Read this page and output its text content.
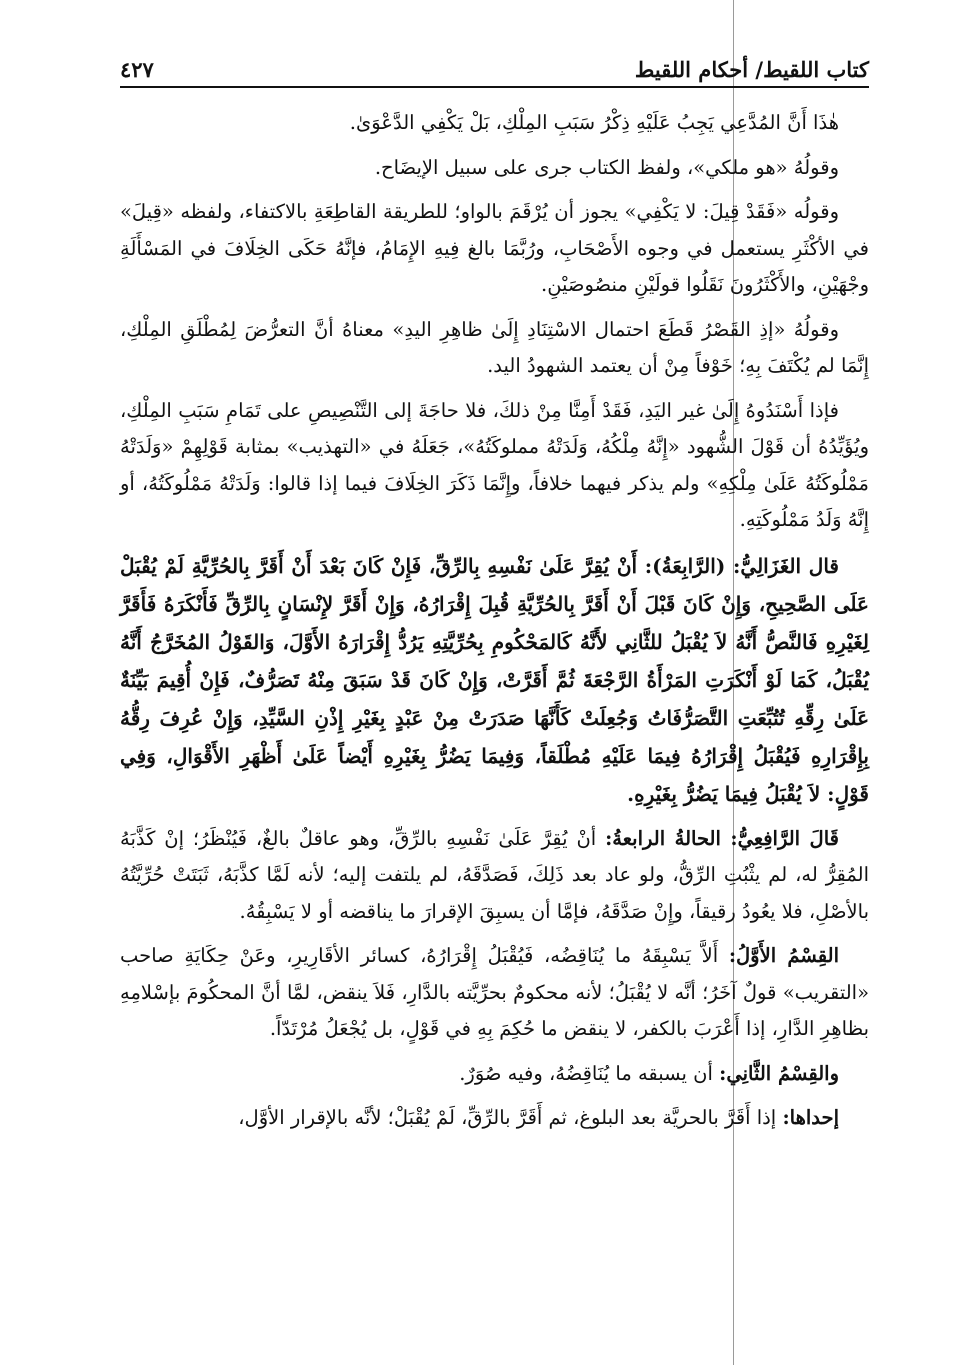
كتاب اللقيط/ أحكام اللقيط
٤٢٧

هٰذَا أَنَّ المُدَّعِي يَجِبُ عَلَيْهِ ذِكْرُ سَبَبِ المِلْكِ، بَلْ يَكْفِي الدَّعْوَىٰ.

وقولُهُ «هو ملكي»، ولفظ الكتاب جرى على سبيل الإيضَاح.

وقولُه «فَقَدْ قِيلَ: لا يَكْفِي» يجوز أن يُرْقَمَ بالواو؛ للطريقة القاطِعَةِ بالاكتفاء، ولفظه «قِيلَ» في الأكْثَرِ يستعمل في وجوه الأَصْحَابِ، ورُبَّمَا بالغ فِيهِ الإِمَامُ، فإنَّهُ حَكَى الخِلَافَ في المَسْأَلَةِ وجْهَيْنِ، والأَكْثَرُونَ نَقَلُوا قولَيْنِ منصُوصَيْنِ.

وقولُهُ «إذِ القَصْرُ قَطَعَ احتمال الاسْتِنَادِ إِلَىٰ ظاهِرِ اليدِ» معناهُ أنَّ التعرُّضَ لِمُطْلَقِ المِلْكِ، إِنَّمَا لم يُكْتَفَ بِهِ؛ خَوْفاً مِنْ أن يعتمد الشهودُ اليد.

فإذا أَسْنَدُوهُ إِلَىٰ غير اليَدِ، فَقَدْ أَمِنَّا مِنْ ذلكَ، فلا حاجَةَ إلى التَّنْصِيصِ على تَمَامِ سَبَبِ المِلْكِ، ويُؤَيِّدُهُ أن قَوْلَ الشُّهود «إِنَّهُ مِلْكُهُ، وَلَدَتْهُ مملوكَتُهُ»، جَعَلَهُ في «التهذيب» بمثابة قَوْلِهِمْ «وَلَدَتْهُ مَمْلُوكَتُهُ عَلَىٰ مِلْكِهِ» ولم يذكر فيهما خلافاً، وإِنَّمَا ذَكَرَ الخِلَافَ فيما إذا قالوا: وَلَدَتْهُ مَمْلُوكَتُهُ، أو إِنَّهُ وَلَدُ مَمْلُوكَتِهِ.

قال الغَزَالِيُّ: (الرَّابِعَةُ): أَنْ يُقِرَّ عَلَىٰ نَفْسِهِ بِالرِّقِّ، فَإِنْ كَانَ بَعْدَ أَنْ أَقَرَّ بِالحُرِّيَّةِ لَمْ يُقْبَلْ عَلَى الصَّحِيحِ، وَإِنْ كَانَ قَبْلَ أَنْ أَقَرَّ بِالحُرِّيَّةِ قُبِلَ إِقْرَارُهُ، وَإِنْ أَقَرَّ لإِنْسَانٍ بِالرِّقِّ فَأَنْكَرَهُ فَأَقَرَّ لِغَيْرِهِ فَالنَّصُّ أَنَّهُ لاَ يُقْبَلُ للثَّانِي لأَنَّهُ كَالمَحْكُومِ بِحُرِّيَّتِهِ يَرُدُّ إِقْرَارَهُ الأَوَّلَ، وَالقَوْلُ المُخَرَّجُ أَنَّهُ يُقْبَلُ، كَمَا لَوْ أَنْكَرَتِ المَرْأَةُ الرَّجْعَةَ ثُمَّ أَقَرَّتْ، وَإِنْ كَانَ قَدْ سَبَقَ مِنْهُ تَصَرُّفٌ، فَإِنْ أُقِيمَ بَيِّنَةٌ عَلَىٰ رِقِّهِ تُتُبِّعَتِ التَّصَرُّفَاتُ وَجُعِلَتْ كَأَنَّهَا صَدَرَتْ مِنْ عَبْدٍ بِغَيْرِ إِذْنِ السَّيِّدِ، وَإِنْ عُرِفَ رِقُّهُ بِإِقْرَارِهِ فَيُقْبَلُ إِقْرَارُهُ فِيمَا عَلَيْهِ مُطْلَقاً، وَفِيمَا يَضُرُّ بِغَيْرِهِ أَيْضاً عَلَىٰ أَظْهَرِ الأَقْوَالِ، وَفِي قَوْلٍ: لاَ يُقْبَلُ فِيمَا يَضُرُّ بِغَيْرِهِ.

قَالَ الرَّافِعِيُّ: الحالةُ الرابعةُ: أنْ يُقِرَّ عَلَىٰ نَفْسِهِ بالرِّقِّ، وهو عاقلٌ بالغٌ، فَيُنْظَرُ؛ إنْ كَذَّبَهُ المُقِرُّ له، لم يثْبُتِ الرِّقُّ، ولو عاد بعد ذَلِكَ، فَصَدَّقَهُ، لم يلتفت إليه؛ لأنه لَمَّا كذَّبَهُ، ثَبَتَتْ حُرِّيَّتُهُ بالأصْلِ، فلا يعُودُ رقيقاً، وإِنْ صَدَّقَهُ، فإمَّا أن يسبِقَ الإقرارَ ما يناقضه أو لا يَسْبِقُهُ.

القِسْمُ الأَوَّلُ: أَلاَّ يَسْبِقَهُ ما يُنَاقِضُه، فَيُقْبَلُ إِقْرَارُهُ، كسائر الأقَارِيرِ، وعَنْ حِكَايَةِ صاحب «التقريب» قولٌ آخَرُ؛ أنَّه لا يُقْبَلُ؛ لأنه محكومٌ بحرِّيَّته بالدَّارِ، فَلاَ ينقض، لمَّا أنَّ المحكُومَ بإسْلامِهِ بظاهِرِ الدَّارِ، إذا أَعْرَبَ بالكفر، لا ينقض ما حُكِمَ بِهِ في قَوْلٍ، بل يُجْعَلُ مُرْتَدّاً.

والقِسْمُ الثَّانِي: أن يسبقه ما يُنَاقِضُهُ، وفيه صُوَرٌ.

إحداها: إذا أَقَرَّ بالحريَّة بعد البلوغ، ثم أَقَرَّ بالرِّقِّ، لَمْ يُقْبَلْ؛ لأنَّه بالإقرار الأوَّل،
